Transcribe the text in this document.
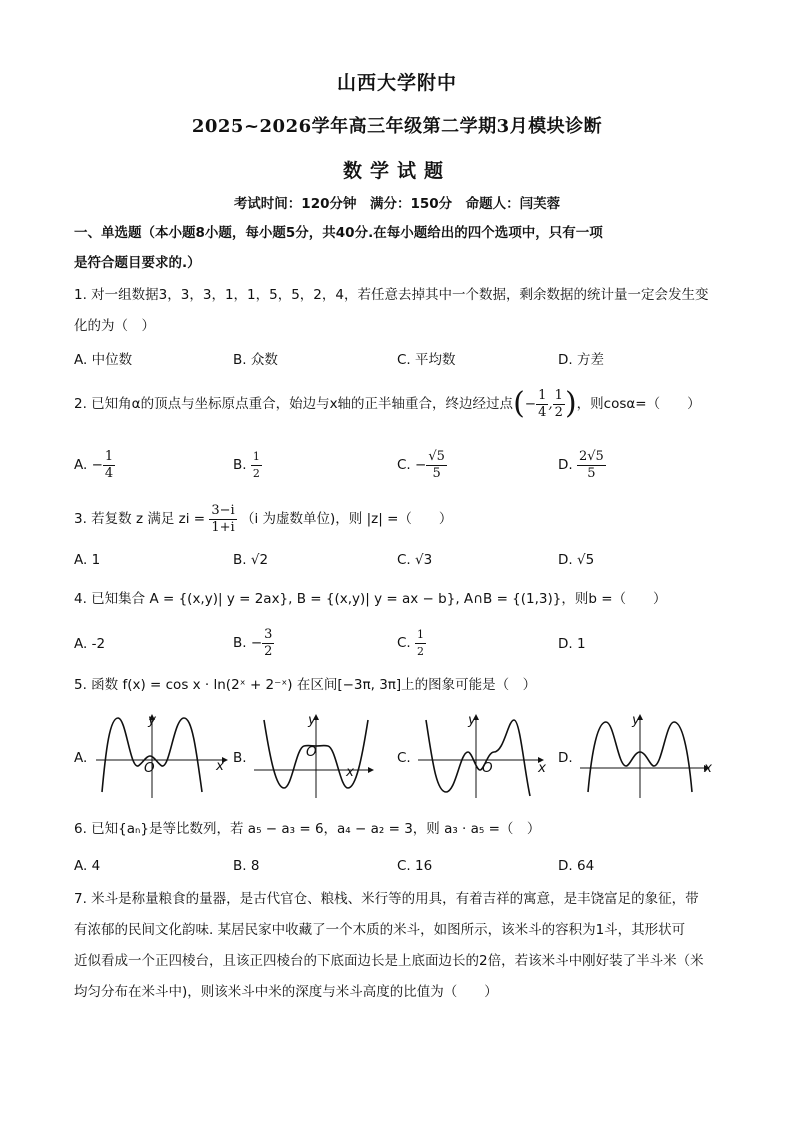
山西大学附中
2025~2026学年高三年级第二学期3月模块诊断
数学试题
考试时间：120分钟　满分：150分　命题人：闫芙蓉
一、单选题（本小题8小题，每小题5分，共40分.在每小题给出的四个选项中，只有一项
是符合题目要求的.）
1. 对一组数据3，3，3，1，1，5，5，2，4，若任意去掉其中一个数据，剩余数据的统计量一定会发生变
化的为（　）
A. 中位数	B. 众数	C. 平均数	D. 方差
2. 已知角α的顶点与坐标原点重合，始边与x轴的正半轴重合，终边经过点(− $\frac{1}{4}$ , $\frac{1}{2}$ )，则cosα=（　　）
A. − $\frac{1}{4}$	B. $\frac{1}{2}$	C. − $\frac{√5}{5}$	D. $\frac{2√5}{5}$
3. 若复数 z 满足 zi = $\frac{3-i}{1+i} (i$ 为虚数单位)，则 |z| =（　　）
A. 1	B. √2	C. √3	D. √5
4. 已知集合 A = {(x,y)| y = 2ax}, B = {(x,y)| y = ax − b}, A∩B = {(1,3)}，则b =（　　）
A. -2	B. − $\frac{3}{2}$	C. $\frac{1}{2}$	D. 1
5. 函数 f(x) = cos x · ln(2ˣ + 2⁻ˣ) 在区间[−3π, 3π]上的图象可能是（　）
A.
y
x
O
B.
y
x
O	C.
y
x
O
D.
y
x
6. 已知{aₙ}是等比数列，若 a₅ − a₃ = 6，a₄ − a₂ = 3，则 a₃ · a₅ =（　）
A. 4	B. 8	C. 16	D. 64
7. 米斗是称量粮食的量器，是古代官仓、粮栈、米行等的用具，有着吉祥的寓意，是丰饶富足的象征，带
有浓郁的民间文化韵味. 某居民家中收藏了一个木质的米斗，如图所示，该米斗的容积为1斗，其形状可
近似看成一个正四棱台，且该正四棱台的下底面边长是上底面边长的2倍，若该米斗中刚好装了半斗米（米
均匀分布在米斗中)，则该米斗中米的深度与米斗高度的比值为（　　）
